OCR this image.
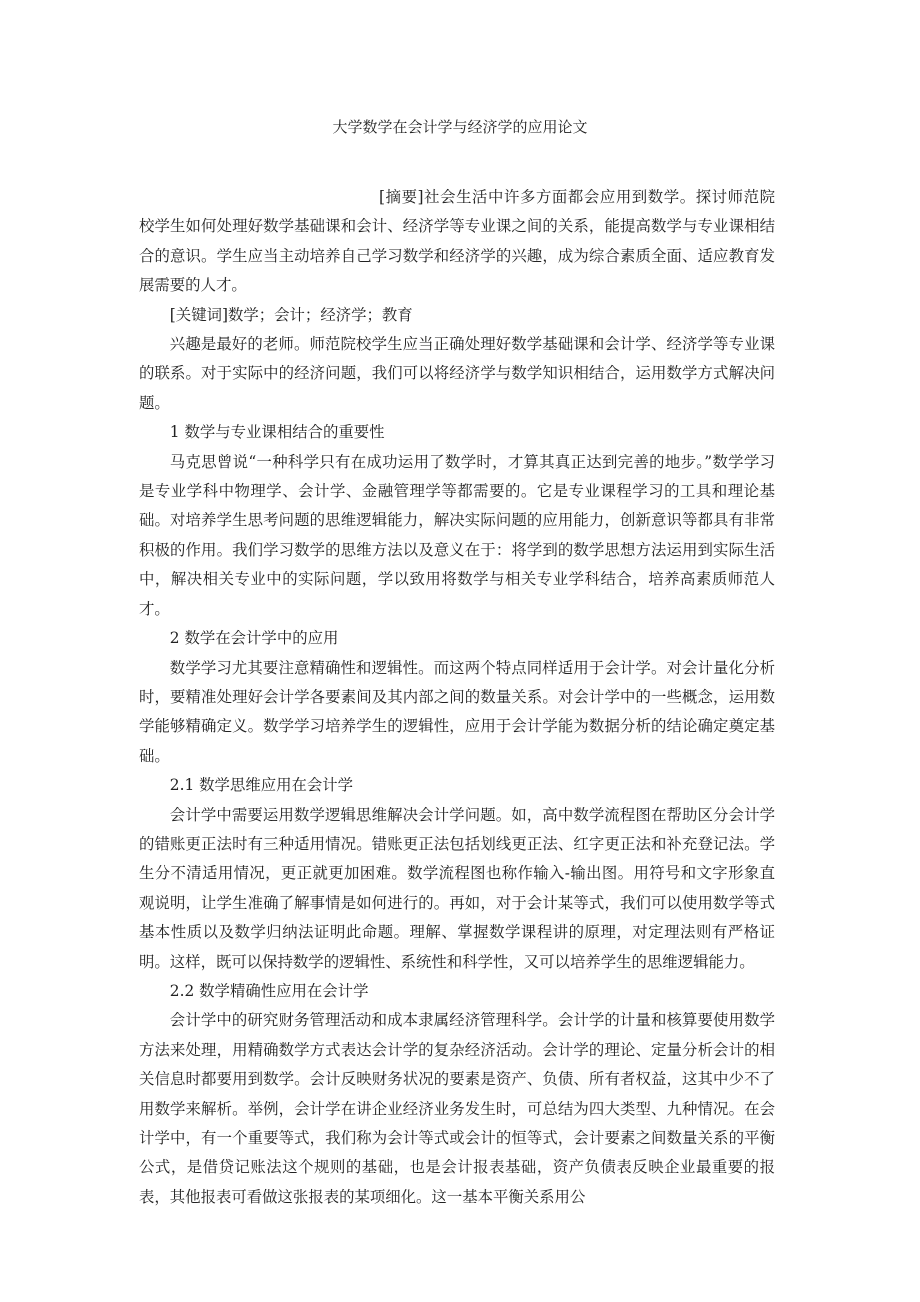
大学数学在会计学与经济学的应用论文

[摘要]社会生活中许多方面都会应用到数学。探讨师范院校学生如何处理好数学基础课和会计、经济学等专业课之间的关系，能提高数学与专业课相结合的意识。学生应当主动培养自己学习数学和经济学的兴趣，成为综合素质全面、适应教育发展需要的人才。

[关键词]数学；会计；经济学；教育

兴趣是最好的老师。师范院校学生应当正确处理好数学基础课和会计学、经济学等专业课的联系。对于实际中的经济问题，我们可以将经济学与数学知识相结合，运用数学方式解决问题。

1 数学与专业课相结合的重要性

马克思曾说“一种科学只有在成功运用了数学时，才算其真正达到完善的地步。”数学学习是专业学科中物理学、会计学、金融管理学等都需要的。它是专业课程学习的工具和理论基础。对培养学生思考问题的思维逻辑能力，解决实际问题的应用能力，创新意识等都具有非常积极的作用。我们学习数学的思维方法以及意义在于：将学到的数学思想方法运用到实际生活中，解决相关专业中的实际问题，学以致用将数学与相关专业学科结合，培养高素质师范人才。

2 数学在会计学中的应用

数学学习尤其要注意精确性和逻辑性。而这两个特点同样适用于会计学。对会计量化分析时，要精准处理好会计学各要素间及其内部之间的数量关系。对会计学中的一些概念，运用数学能够精确定义。数学学习培养学生的逻辑性，应用于会计学能为数据分析的结论确定奠定基础。

2.1 数学思维应用在会计学

会计学中需要运用数学逻辑思维解决会计学问题。如，高中数学流程图在帮助区分会计学的错账更正法时有三种适用情况。错账更正法包括划线更正法、红字更正法和补充登记法。学生分不清适用情况，更正就更加困难。数学流程图也称作输入-输出图。用符号和文字形象直观说明，让学生准确了解事情是如何进行的。再如，对于会计某等式，我们可以使用数学等式基本性质以及数学归纳法证明此命题。理解、掌握数学课程讲的原理，对定理法则有严格证明。这样，既可以保持数学的逻辑性、系统性和科学性，又可以培养学生的思维逻辑能力。

2.2 数学精确性应用在会计学

会计学中的研究财务管理活动和成本隶属经济管理科学。会计学的计量和核算要使用数学方法来处理，用精确数学方式表达会计学的复杂经济活动。会计学的理论、定量分析会计的相关信息时都要用到数学。会计反映财务状况的要素是资产、负债、所有者权益，这其中少不了用数学来解析。举例，会计学在讲企业经济业务发生时，可总结为四大类型、九种情况。在会计学中，有一个重要等式，我们称为会计等式或会计的恒等式，会计要素之间数量关系的平衡公式，是借贷记账法这个规则的基础，也是会计报表基础，资产负债表反映企业最重要的报表，其他报表可看做这张报表的某项细化。这一基本平衡关系用公
